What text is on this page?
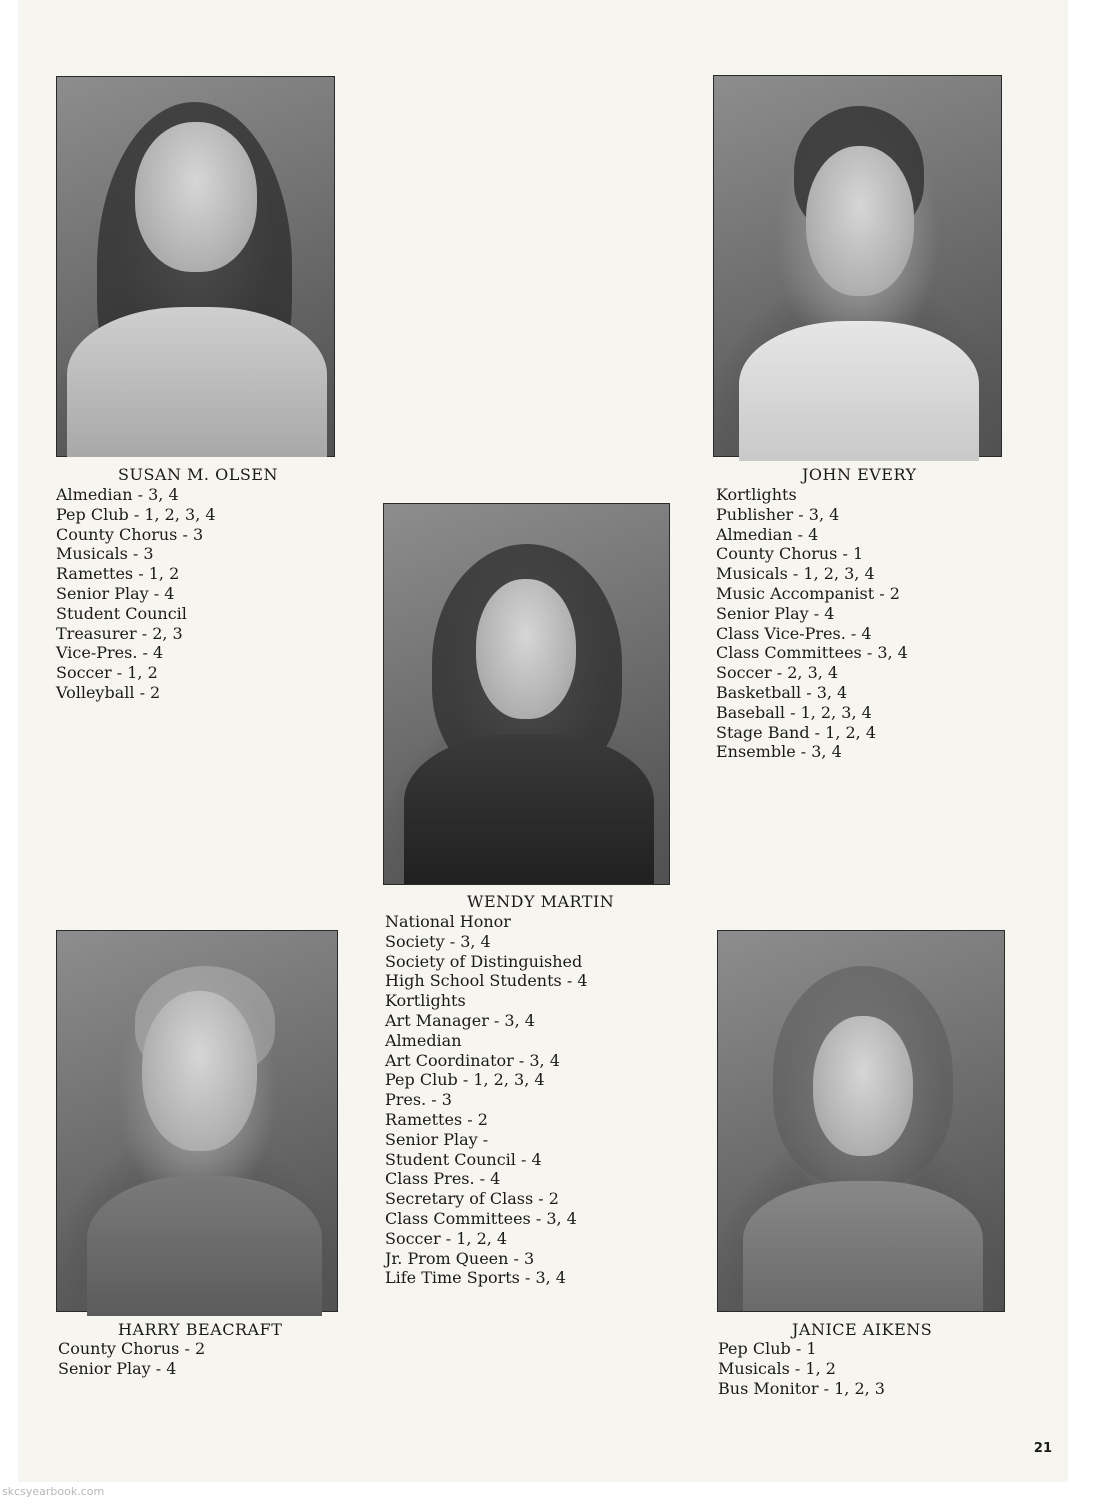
SUSAN M. OLSEN
Almedian - 3, 4
Pep Club - 1, 2, 3, 4
County Chorus - 3
Musicals - 3
Ramettes - 1, 2
Senior Play - 4
Student Council
Treasurer - 2, 3
Vice-Pres. - 4
Soccer - 1, 2
Volleyball - 2
JOHN EVERY
Kortlights
Publisher - 3, 4
Almedian - 4
County Chorus - 1
Musicals - 1, 2, 3, 4
Music Accompanist - 2
Senior Play - 4
Class Vice-Pres. - 4
Class Committees - 3, 4
Soccer - 2, 3, 4
Basketball - 3, 4
Baseball - 1, 2, 3, 4
Stage Band - 1, 2, 4
Ensemble - 3, 4
WENDY MARTIN
National Honor
Society - 3, 4
Society of Distinguished
High School Students - 4
Kortlights
Art Manager - 3, 4
Almedian
Art Coordinator - 3, 4
Pep Club - 1, 2, 3, 4
Pres. - 3
Ramettes - 2
Senior Play -
Student Council - 4
Class Pres. - 4
Secretary of Class - 2
Class Committees - 3, 4
Soccer - 1, 2, 4
Jr. Prom Queen - 3
Life Time Sports - 3, 4
HARRY BEACRAFT
County Chorus - 2
Senior Play - 4
JANICE AIKENS
Pep Club - 1
Musicals - 1, 2
Bus Monitor - 1, 2, 3
21
skcsyearbook.com
